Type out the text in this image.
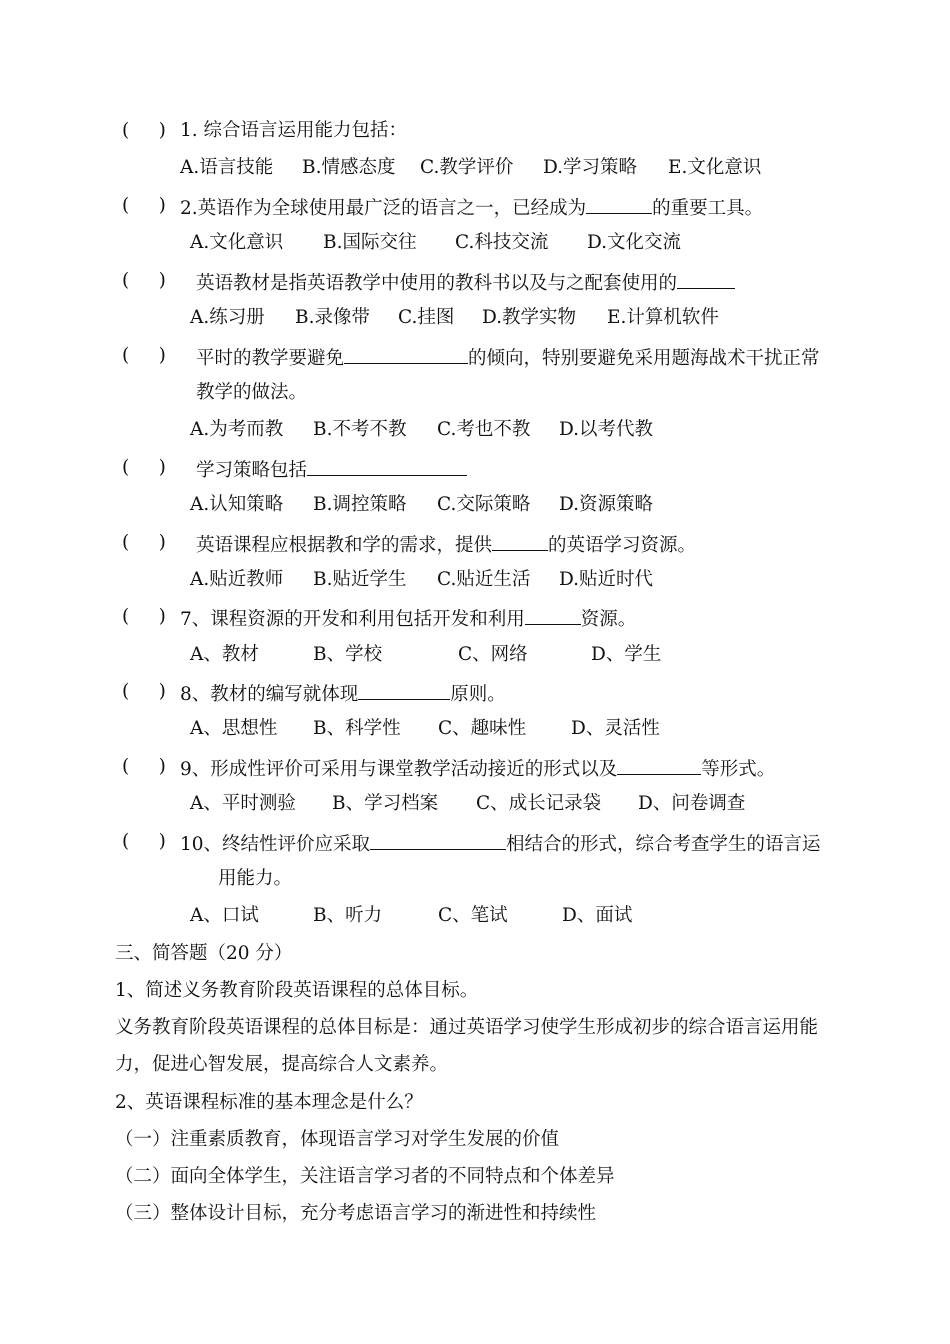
(     ) 1. 综合语言运用能力包括：
A.语言技能 B.情感态度 C.教学评价 D.学习策略 E.文化意识
(     ) 2.英语作为全球使用最广泛的语言之一，已经成为	的重要工具。
A.文化意识 B.国际交往 C.科技交流 D.文化交流
(     ) 英语教材是指英语教学中使用的教科书以及与之配套使用的
A.练习册 B.录像带 C.挂图 D.教学实物 E.计算机软件
(     ) 平时的教学要避免	的倾向，特别要避免采用题海战术干扰正常
教学的做法。
A.为考而教 B.不考不教 C.考也不教 D.以考代教
(     ) 学习策略包括
A.认知策略 B.调控策略 C.交际策略 D.资源策略
(     ) 英语课程应根据教和学的需求，提供	的英语学习资源。
A.贴近教师 B.贴近学生 C.贴近生活 D.贴近时代
(     ) 7、课程资源的开发和利用包括开发和利用	资源。
A、教材	B、学校	C、网络	D、学生
(     ) 8、教材的编写就体现	原则。
A、思想性 B、科学性 C、趣味性 D、灵活性
(     ) 9、形成性评价可采用与课堂教学活动接近的形式以及	等形式。
A、平时测验 B、学习档案 C、成长记录袋 D、问卷调查
(     ) 10、终结性评价应采取	相结合的形式，综合考查学生的语言运
用能力。
A、口试	B、听力	C、笔试	D、面试
三、简答题（20 分）
1、简述义务教育阶段英语课程的总体目标。
义务教育阶段英语课程的总体目标是：通过英语学习使学生形成初步的综合语言运用能
力，促进心智发展，提高综合人文素养。
2、英语课程标准的基本理念是什么？
（一）注重素质教育，体现语言学习对学生发展的价值
（二）面向全体学生，关注语言学习者的不同特点和个体差异
（三）整体设计目标，充分考虑语言学习的渐进性和持续性
